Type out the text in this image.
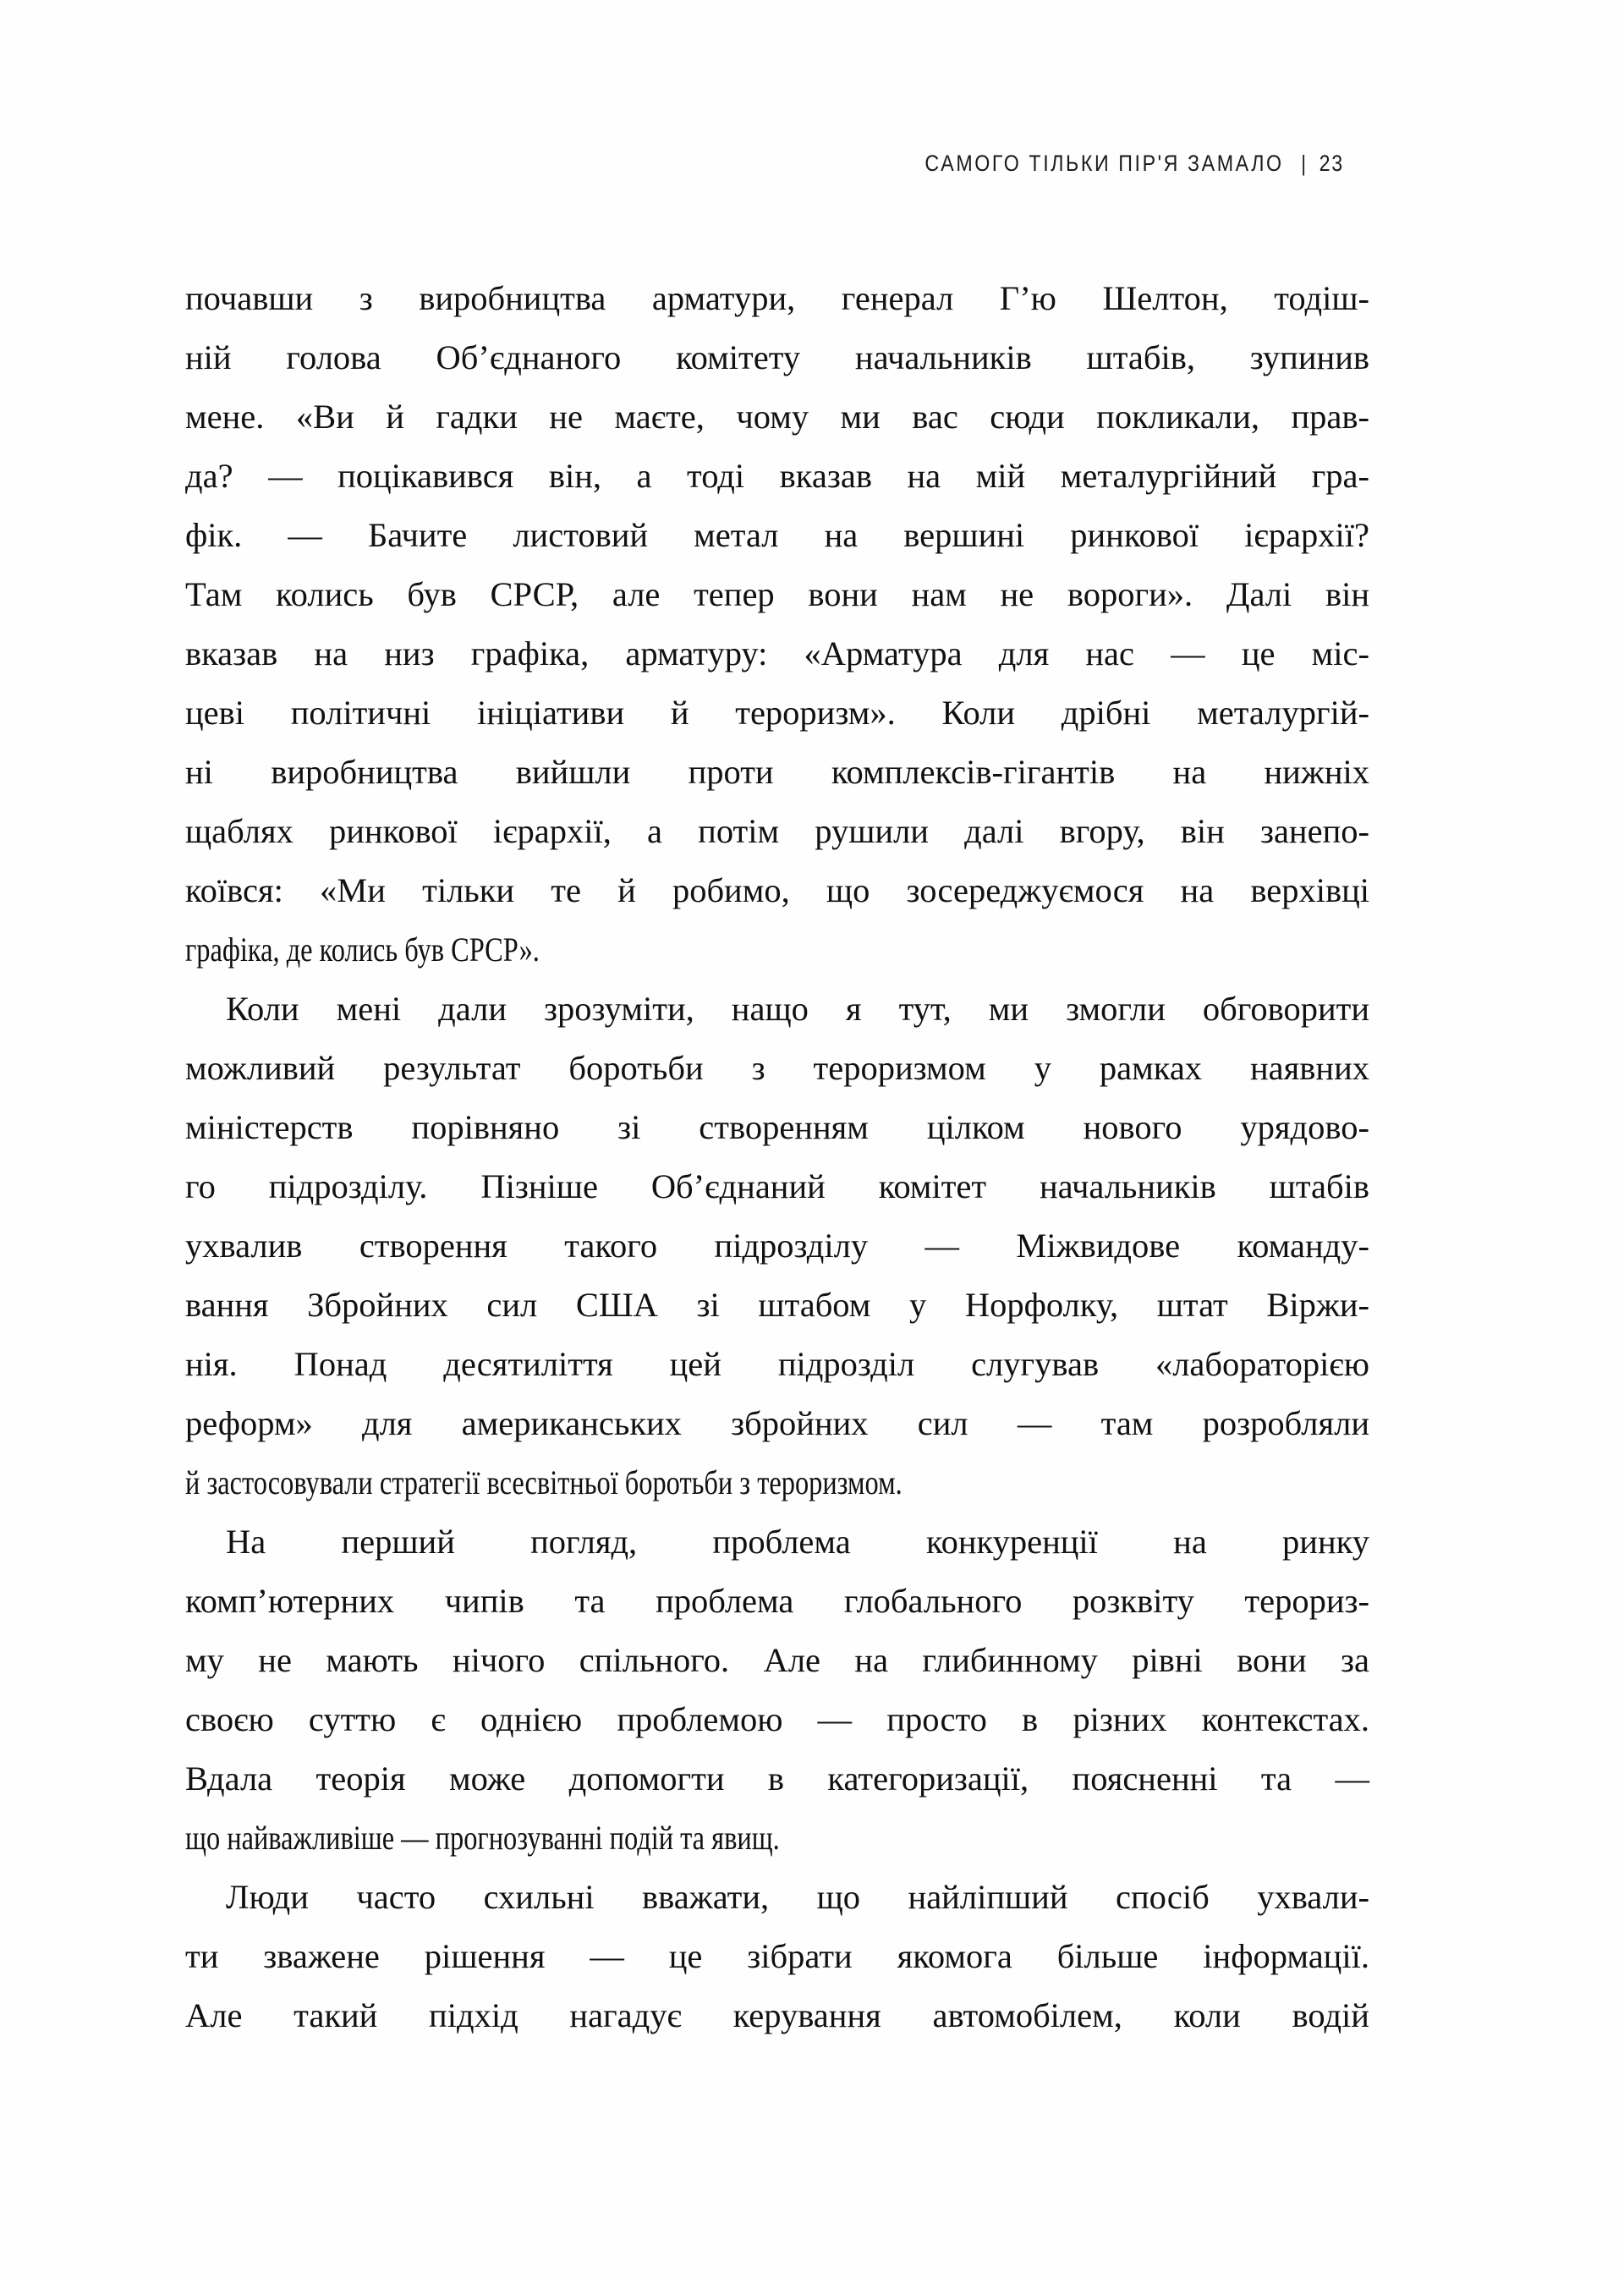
САМОГО ТІЛЬКИ ПІР'Я ЗАМАЛО | 23

почавши з виробництва арматури, генерал Г’ю Шелтон, тодіш-
ній голова Об’єднаного комітету начальників штабів, зупинив
мене. «Ви й гадки не маєте, чому ми вас сюди покликали, прав-
да? — поцікавився він, а тоді вказав на мій металургійний гра-
фік. — Бачите листовий метал на вершині ринкової ієрархії?
Там колись був СРСР, але тепер вони нам не вороги». Далі він
вказав на низ графіка, арматуру: «Арматура для нас — це міс-
цеві політичні ініціативи й тероризм». Коли дрібні металургій-
ні виробництва вийшли проти комплексів-гігантів на нижніх
щаблях ринкової ієрархії, а потім рушили далі вгору, він занепо-
коївся: «Ми тільки те й робимо, що зосереджуємося на верхівці
графіка, де колись був СРСР».

Коли мені дали зрозуміти, нащо я тут, ми змогли обговорити
можливий результат боротьби з тероризмом у рамках наявних
міністерств порівняно зі створенням цілком нового урядово-
го підрозділу. Пізніше Об’єднаний комітет начальників штабів
ухвалив створення такого підрозділу — Міжвидове команду-
вання Збройних сил США зі штабом у Норфолку, штат Віржи-
нія. Понад десятиліття цей підрозділ слугував «лабораторією
реформ» для американських збройних сил — там розробляли
й застосовували стратегії всесвітньої боротьби з тероризмом.

На перший погляд, проблема конкуренції на ринку
комп’ютерних чипів та проблема глобального розквіту терориз-
му не мають нічого спільного. Але на глибинному рівні вони за
своєю суттю є однією проблемою — просто в різних контекстах.
Вдала теорія може допомогти в категоризації, поясненні та —
що найважливіше — прогнозуванні подій та явищ.

Люди часто схильні вважати, що найліпший спосіб ухвали-
ти зважене рішення — це зібрати якомога більше інформації.
Але такий підхід нагадує керування автомобілем, коли водій
